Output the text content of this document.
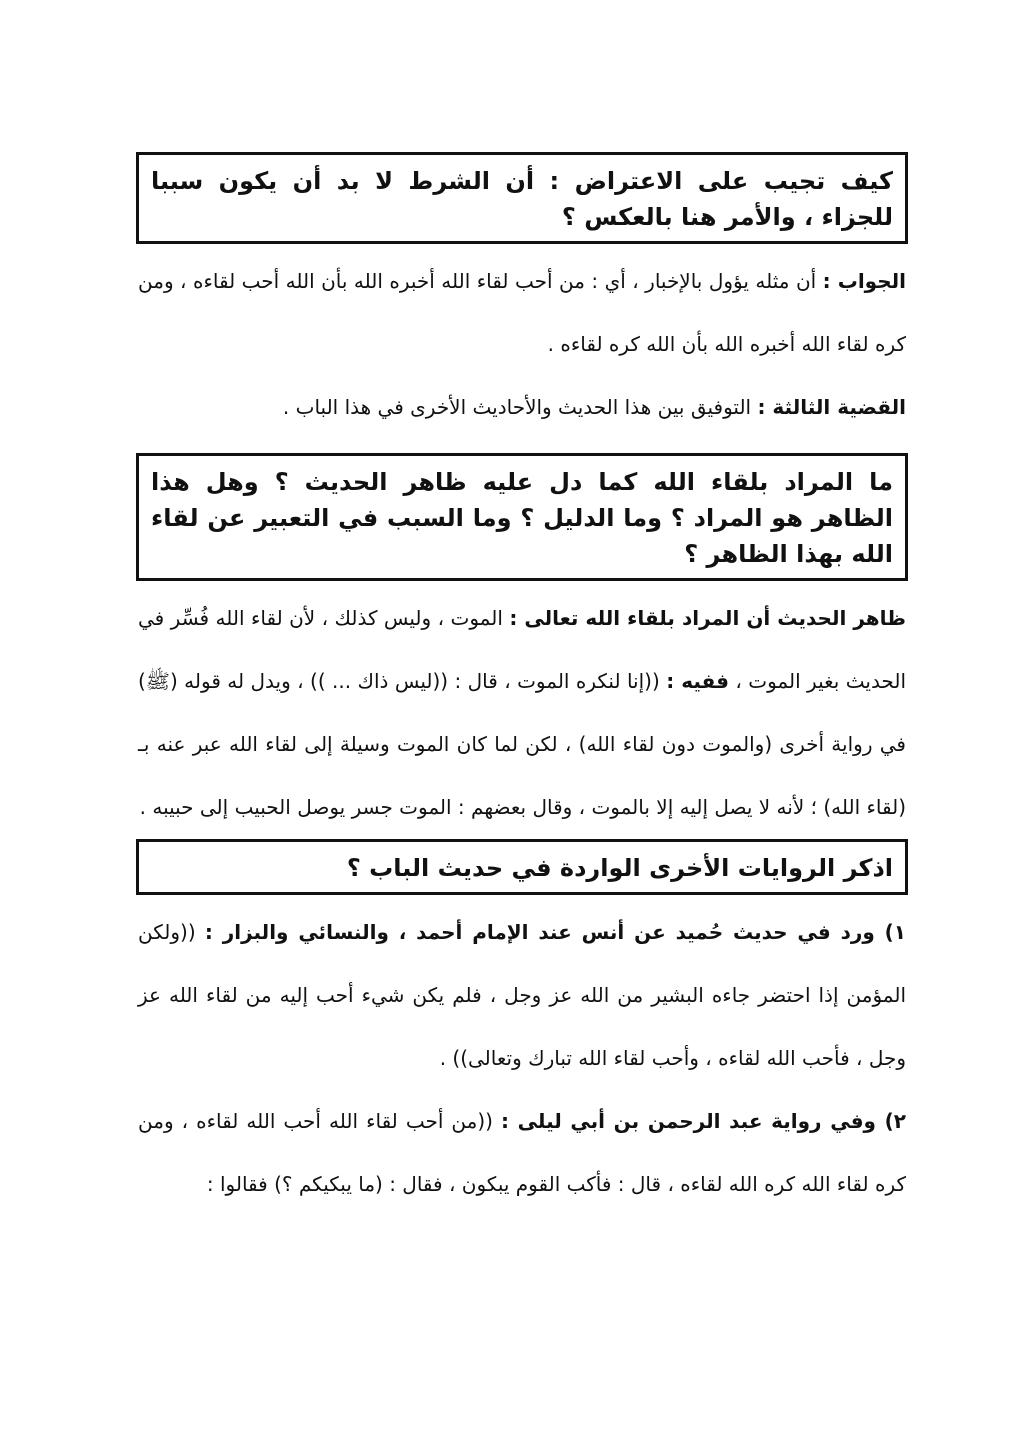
كيف تجيب على الاعتراض : أن الشرط لا بد أن يكون سببا للجزاء ، والأمر هنا بالعكس ؟

الجواب : أن مثله يؤول بالإخبار ، أي : من أحب لقاء الله أخبره الله بأن الله أحب لقاءه ، ومن كره لقاء الله أخبره الله بأن الله كره لقاءه .

القضية الثالثة : التوفيق بين هذا الحديث والأحاديث الأخرى في هذا الباب .

ما المراد بلقاء الله كما دل عليه ظاهر الحديث ؟ وهل هذا الظاهر هو المراد ؟ وما الدليل ؟ وما السبب في التعبير عن لقاء الله بهذا الظاهر ؟

ظاهر الحديث أن المراد بلقاء الله تعالى : الموت ، وليس كذلك ، لأن لقاء الله فُسِّر في الحديث بغير الموت ، ففيه : ((إنا لنكره الموت ، قال : ((ليس ذاك ... )) ، ويدل له قوله (ﷺ) في رواية أخرى (والموت دون لقاء الله) ، لكن لما كان الموت وسيلة إلى لقاء الله عبر عنه بـ (لقاء الله) ؛ لأنه لا يصل إليه إلا بالموت ، وقال بعضهم : الموت جسر يوصل الحبيب إلى حبيبه .

اذكر الروايات الأخرى الواردة في حديث الباب ؟

١) ورد في حديث حُميد عن أنس عند الإمام أحمد ، والنسائي والبزار : ((ولكن المؤمن إذا احتضر جاءه البشير من الله عز وجل ، فلم يكن شيء أحب إليه من لقاء الله عز وجل ، فأحب الله لقاءه ، وأحب لقاء الله تبارك وتعالى)) .

٢) وفي رواية عبد الرحمن بن أبي ليلى : ((من أحب لقاء الله أحب الله لقاءه ، ومن كره لقاء الله كره الله لقاءه ، قال : فأكب القوم يبكون ، فقال : (ما يبكيكم ؟) فقالوا :
